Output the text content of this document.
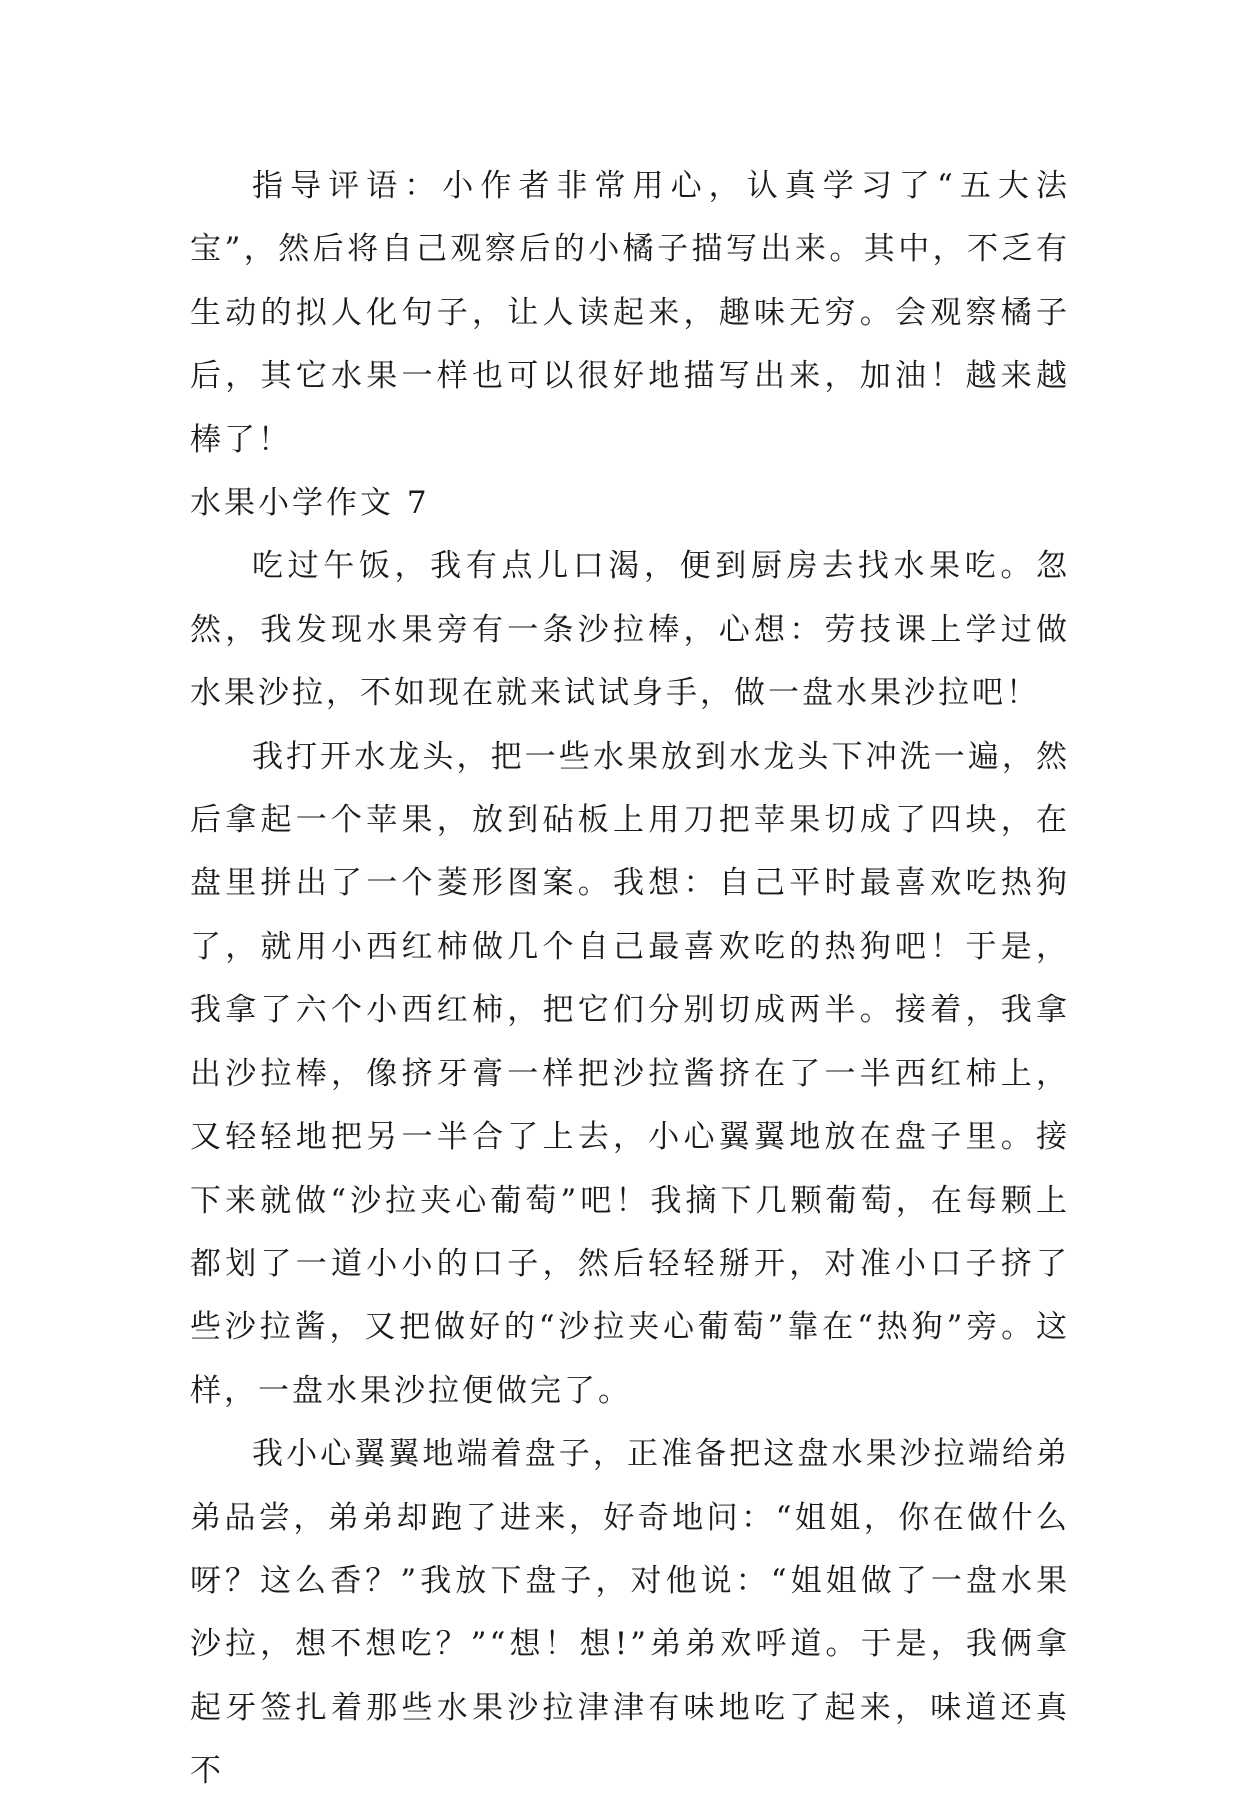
指导评语：小作者非常用心，认真学习了“五大法宝”，然后将自己观察后的小橘子描写出来。其中，不乏有生动的拟人化句子，让人读起来，趣味无穷。会观察橘子后，其它水果一样也可以很好地描写出来，加油！越来越棒了！

水果小学作文 7

吃过午饭，我有点儿口渴，便到厨房去找水果吃。忽然，我发现水果旁有一条沙拉棒，心想：劳技课上学过做水果沙拉，不如现在就来试试身手，做一盘水果沙拉吧！

我打开水龙头，把一些水果放到水龙头下冲洗一遍，然后拿起一个苹果，放到砧板上用刀把苹果切成了四块，在盘里拼出了一个菱形图案。我想：自己平时最喜欢吃热狗了，就用小西红柿做几个自己最喜欢吃的热狗吧！于是，我拿了六个小西红柿，把它们分别切成两半。接着，我拿出沙拉棒，像挤牙膏一样把沙拉酱挤在了一半西红柿上，又轻轻地把另一半合了上去，小心翼翼地放在盘子里。接下来就做“沙拉夹心葡萄”吧！我摘下几颗葡萄，在每颗上都划了一道小小的口子，然后轻轻掰开，对准小口子挤了些沙拉酱，又把做好的“沙拉夹心葡萄”靠在“热狗”旁。这样，一盘水果沙拉便做完了。

我小心翼翼地端着盘子，正准备把这盘水果沙拉端给弟弟品尝，弟弟却跑了进来，好奇地问：“姐姐，你在做什么呀？这么香？”我放下盘子，对他说：“姐姐做了一盘水果沙拉，想不想吃？”“想！想!”弟弟欢呼道。于是，我俩拿起牙签扎着那些水果沙拉津津有味地吃了起来，味道还真不
